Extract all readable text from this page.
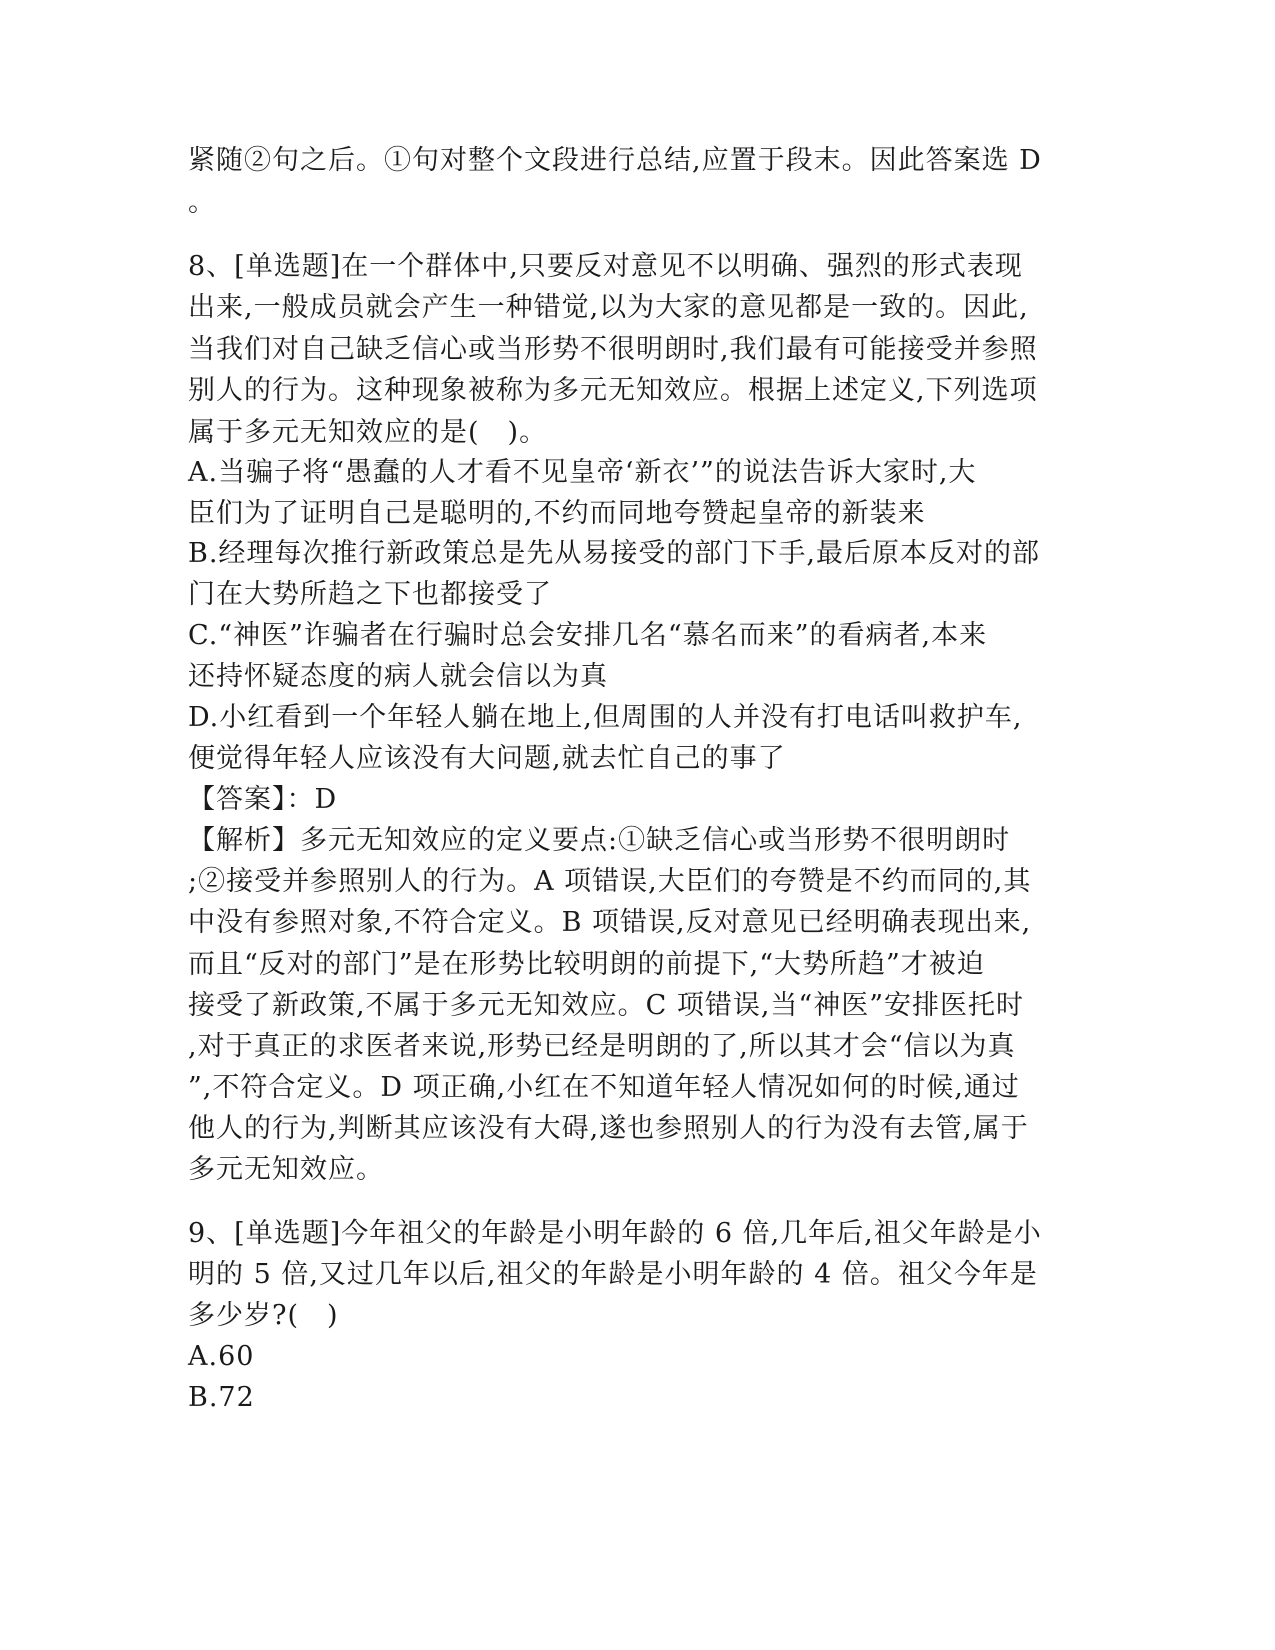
紧随②句之后。①句对整个文段进行总结,应置于段末。因此答案选 D
。
8、[单选题]在一个群体中,只要反对意见不以明确、强烈的形式表现
出来,一般成员就会产生一种错觉,以为大家的意见都是一致的。因此,
当我们对自己缺乏信心或当形势不很明朗时,我们最有可能接受并参照
别人的行为。这种现象被称为多元无知效应。根据上述定义,下列选项
属于多元无知效应的是(　)。
A.当骗子将“愚蠢的人才看不见皇帝‘新衣’”的说法告诉大家时,大
臣们为了证明自己是聪明的,不约而同地夸赞起皇帝的新装来
B.经理每次推行新政策总是先从易接受的部门下手,最后原本反对的部
门在大势所趋之下也都接受了
C.“神医”诈骗者在行骗时总会安排几名“慕名而来”的看病者,本来
还持怀疑态度的病人就会信以为真
D.小红看到一个年轻人躺在地上,但周围的人并没有打电话叫救护车,
便觉得年轻人应该没有大问题,就去忙自己的事了
【答案】：D
【解析】多元无知效应的定义要点:①缺乏信心或当形势不很明朗时
;②接受并参照别人的行为。A 项错误,大臣们的夸赞是不约而同的,其
中没有参照对象,不符合定义。B 项错误,反对意见已经明确表现出来,
而且“反对的部门”是在形势比较明朗的前提下,“大势所趋”才被迫
接受了新政策,不属于多元无知效应。C 项错误,当“神医”安排医托时
,对于真正的求医者来说,形势已经是明朗的了,所以其才会“信以为真
”,不符合定义。D 项正确,小红在不知道年轻人情况如何的时候,通过
他人的行为,判断其应该没有大碍,遂也参照别人的行为没有去管,属于
多元无知效应。
9、[单选题]今年祖父的年龄是小明年龄的 6 倍,几年后,祖父年龄是小
明的 5 倍,又过几年以后,祖父的年龄是小明年龄的 4 倍。祖父今年是
多少岁?(　)
A.60
B.72
